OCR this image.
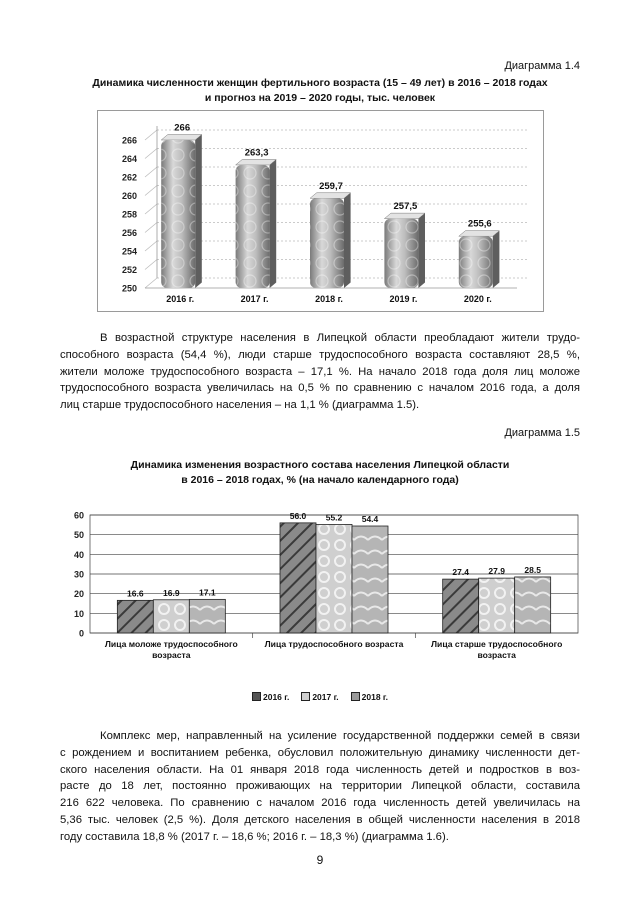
Диаграмма 1.4
Динамика численности женщин фертильного возраста (15 – 49 лет) в 2016 – 2018 годах
и прогноз на 2019 – 2020 годы, тыс. человек
250
252
254
256
258
260
262
264
266
266
2016 г.
263,3
2017 г.
259,7
2018 г.
257,5
2019 г.
255,6
2020 г.
В возрастной структуре населения в Липецкой области преобладают жители трудо-
способного возраста (54,4 %), люди старше трудоспособного возраста составляют 28,5 %,
жители моложе трудоспособного возраста – 17,1 %. На начало 2018 года доля лиц моложе
трудоспособного возраста увеличилась на 0,5 % по сравнению с началом 2016 года, а доля
лиц старше трудоспособного населения – на 1,1 % (диаграмма 1.5).
Диаграмма 1.5
Динамика изменения возрастного состава населения Липецкой области
в 2016 – 2018 годах, % (на начало календарного года)
0
10
20
30
40
50
60
16.6 16.9 17.1
Лица моложе трудоспособного
возраста
56.0 55.2 54.4
Лица трудоспособного возраста
27.4 27.9 28.5
Лица старше трудоспособного
возраста
2016 г.	2017 г.	2018 г.
Комплекс мер, направленный на усиление государственной поддержки семей в связи
с рождением и воспитанием ребенка, обусловил положительную динамику численности дет-
ского населения области. На 01 января 2018 года численность детей и подростков в воз-
расте до 18 лет, постоянно проживающих на территории Липецкой области, составила
216 622 человека. По сравнению с началом 2016 года численность детей увеличилась на
5,36 тыс. человек (2,5 %). Доля детского населения в общей численности населения в 2018
году составила 18,8 % (2017 г. – 18,6 %; 2016 г. – 18,3 %) (диаграмма 1.6).
9
